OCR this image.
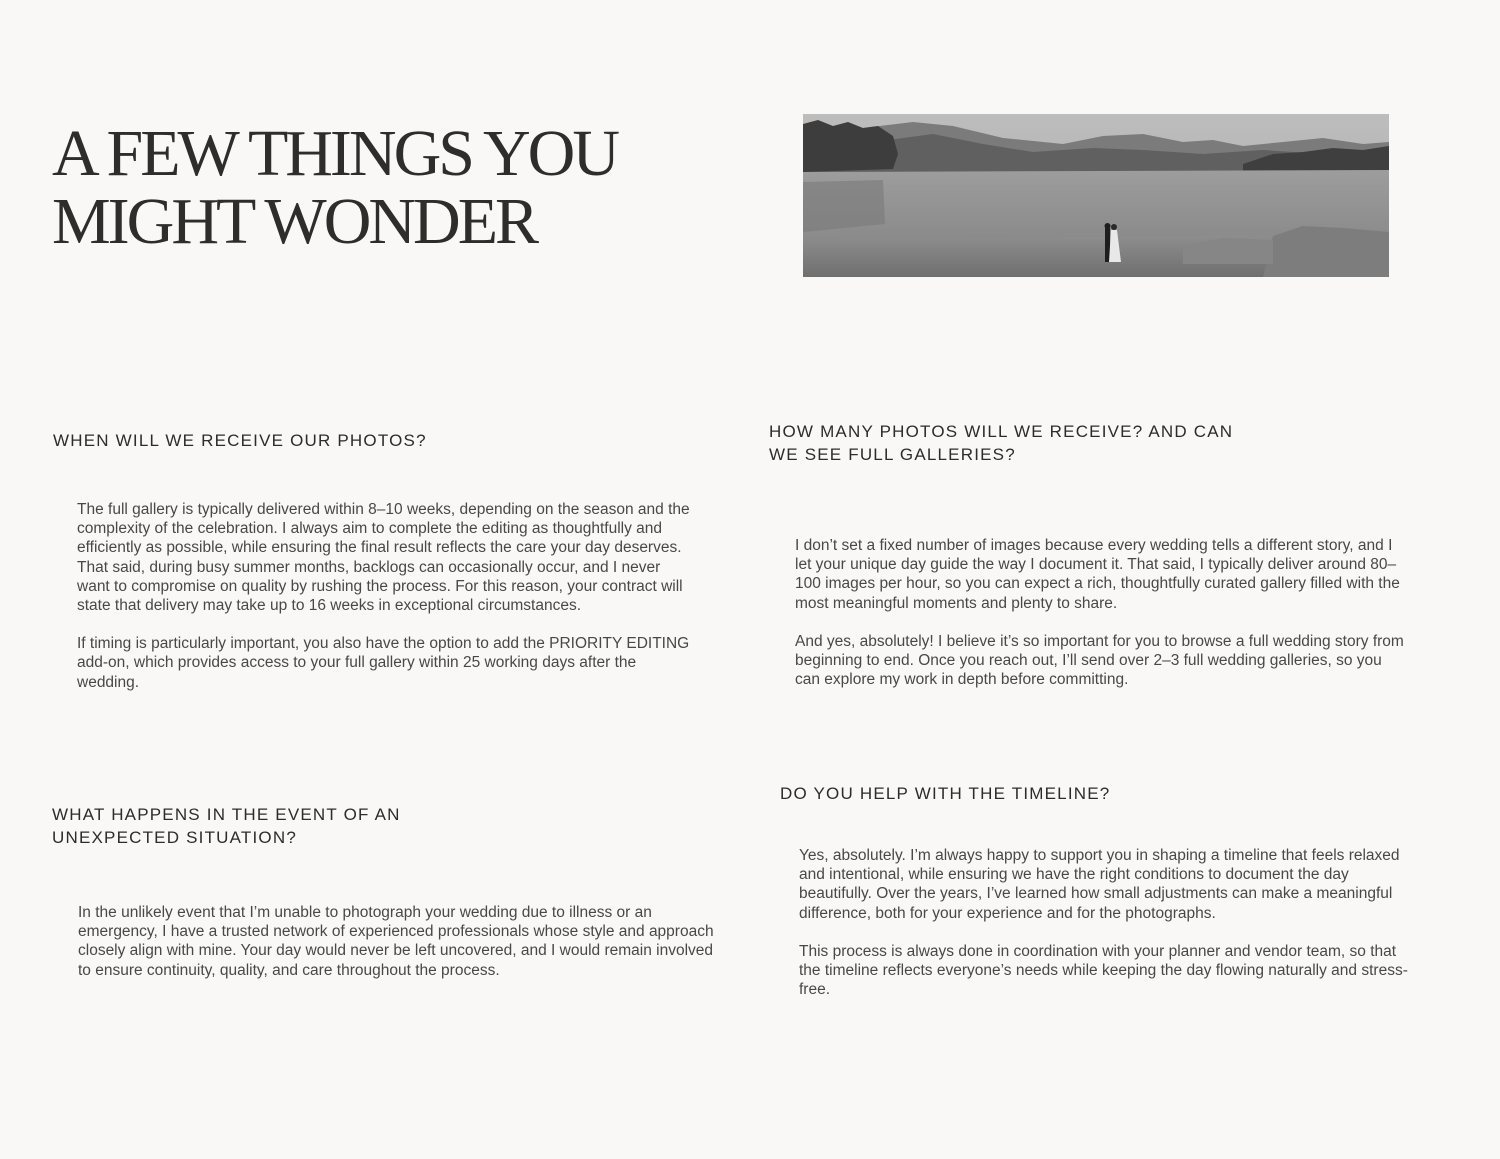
A FEW THINGS YOU
MIGHT WONDER
WHEN WILL WE RECEIVE OUR PHOTOS?

The full gallery is typically delivered within 8–10 weeks, depending on the season and the complexity of the celebration. I always aim to complete the editing as thoughtfully and efficiently as possible, while ensuring the final result reflects the care your day deserves. That said, during busy summer months, backlogs can occasionally occur, and I never want to compromise on quality by rushing the process. For this reason, your contract will state that delivery may take up to 16 weeks in exceptional circumstances.

If timing is particularly important, you also have the option to add the PRIORITY EDITING add-on, which provides access to your full gallery within 25 working days after the wedding.

HOW MANY PHOTOS WILL WE RECEIVE? AND CAN
WE SEE FULL GALLERIES?

I don’t set a fixed number of images because every wedding tells a different story, and I let your unique day guide the way I document it. That said, I typically deliver around 80–100 images per hour, so you can expect a rich, thoughtfully curated gallery filled with the most meaningful moments and plenty to share.

And yes, absolutely! I believe it’s so important for you to browse a full wedding story from beginning to end. Once you reach out, I’ll send over 2–3 full wedding galleries, so you can explore my work in depth before committing.

WHAT HAPPENS IN THE EVENT OF AN
UNEXPECTED SITUATION?

In the unlikely event that I’m unable to photograph your wedding due to illness or an emergency, I have a trusted network of experienced professionals whose style and approach closely align with mine. Your day would never be left uncovered, and I would remain involved to ensure continuity, quality, and care throughout the process.

DO YOU HELP WITH THE TIMELINE?

Yes, absolutely. I’m always happy to support you in shaping a timeline that feels relaxed and intentional, while ensuring we have the right conditions to document the day beautifully. Over the years, I’ve learned how small adjustments can make a meaningful difference, both for your experience and for the photographs.

This process is always done in coordination with your planner and vendor team, so that the timeline reflects everyone’s needs while keeping the day flowing naturally and stress-free.
